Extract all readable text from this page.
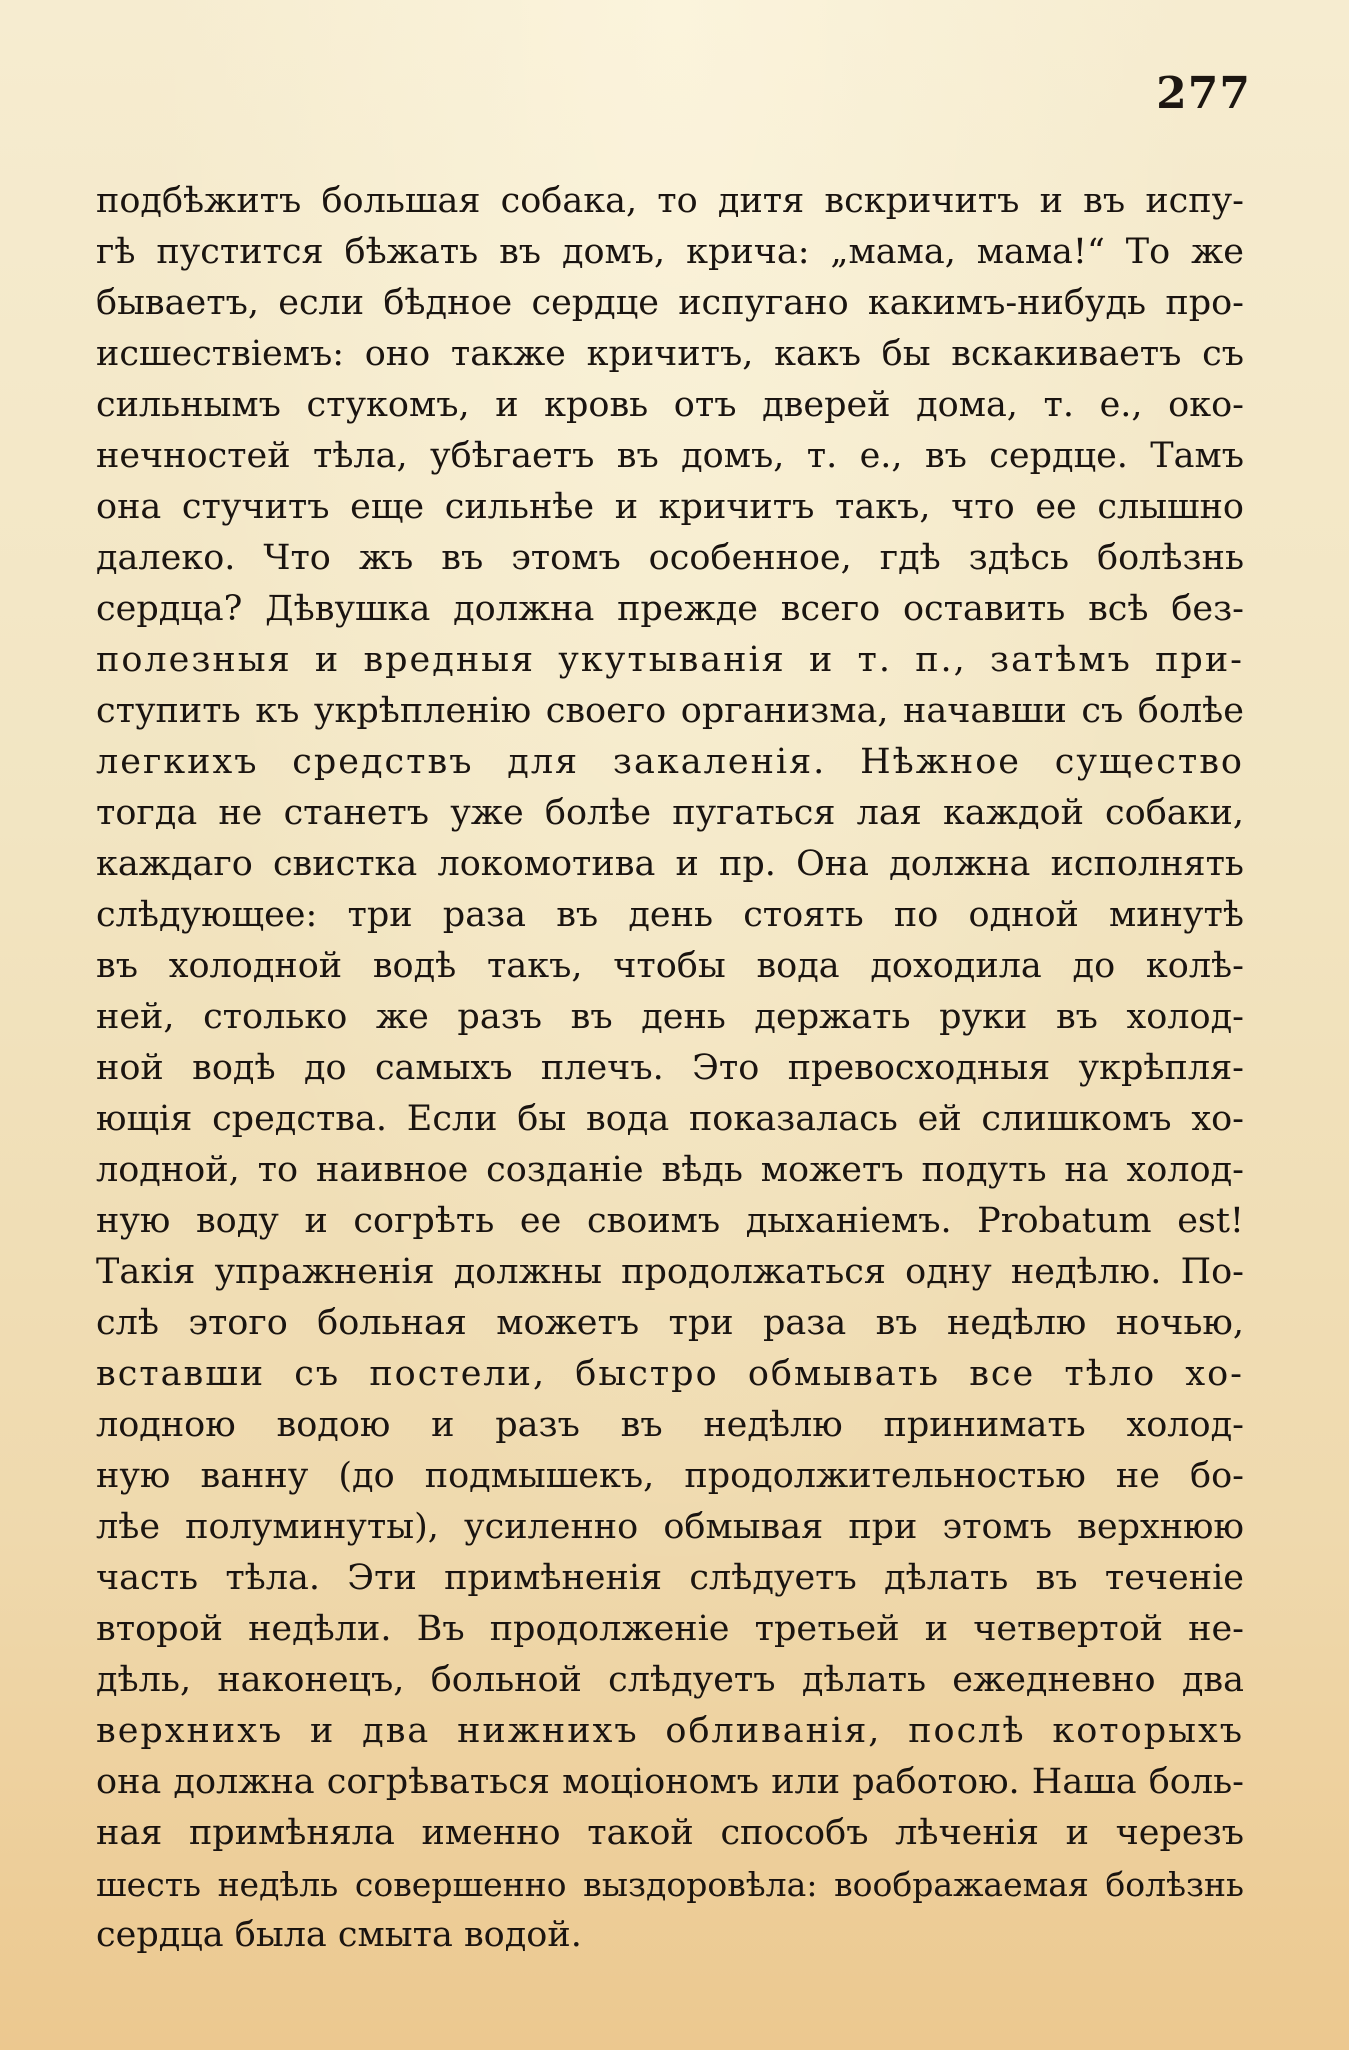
277
подбѣжитъ большая собака, то дитя вскричитъ и въ испу-
гѣ пустится бѣжать въ домъ, крича: „мама, мама!“ То же
бываетъ, если бѣдное сердце испугано какимъ-нибудь про-
исшествіемъ: оно также кричитъ, какъ бы вскакиваетъ съ
сильнымъ стукомъ, и кровь отъ дверей дома, т. е., око-
нечностей тѣла, убѣгаетъ въ домъ, т. е., въ сердце. Тамъ
она стучитъ еще сильнѣе и кричитъ такъ, что ее слышно
далеко. Что жъ въ этомъ особенное, гдѣ здѣсь болѣзнь
сердца? Дѣвушка должна прежде всего оставить всѣ без-
полезныя и вредныя укутыванія и т. п., затѣмъ при-
ступить къ укрѣпленію своего организма, начавши съ болѣе
легкихъ средствъ для закаленія. Нѣжное существо
тогда не станетъ уже болѣе пугаться лая каждой собаки,
каждаго свистка локомотива и пр. Она должна исполнять
слѣдующее: три раза въ день стоять по одной минутѣ
въ холодной водѣ такъ, чтобы вода доходила до колѣ-
ней, столько же разъ въ день держать руки въ холод-
ной водѣ до самыхъ плечъ. Это превосходныя укрѣпля-
ющія средства. Если бы вода показалась ей слишкомъ хо-
лодной, то наивное созданіе вѣдь можетъ подуть на холод-
ную воду и согрѣть ее своимъ дыханіемъ. Probatum est!
Такія упражненія должны продолжаться одну недѣлю. По-
слѣ этого больная можетъ три раза въ недѣлю ночью,
вставши съ постели, быстро обмывать все тѣло хо-
лодною водою и разъ въ недѣлю принимать холод-
ную ванну (до подмышекъ, продолжительностью не бо-
лѣе полуминуты), усиленно обмывая при этомъ верхнюю
часть тѣла. Эти примѣненія слѣдуетъ дѣлать въ теченіе
второй недѣли. Въ продолженіе третьей и четвертой не-
дѣль, наконецъ, больной слѣдуетъ дѣлать ежедневно два
верхнихъ и два нижнихъ обливанія, послѣ которыхъ
она должна согрѣваться моціономъ или работою. Наша боль-
ная примѣняла именно такой способъ лѣченія и черезъ
шесть недѣль совершенно выздоровѣла: воображаемая болѣзнь
сердца была смыта водой.
